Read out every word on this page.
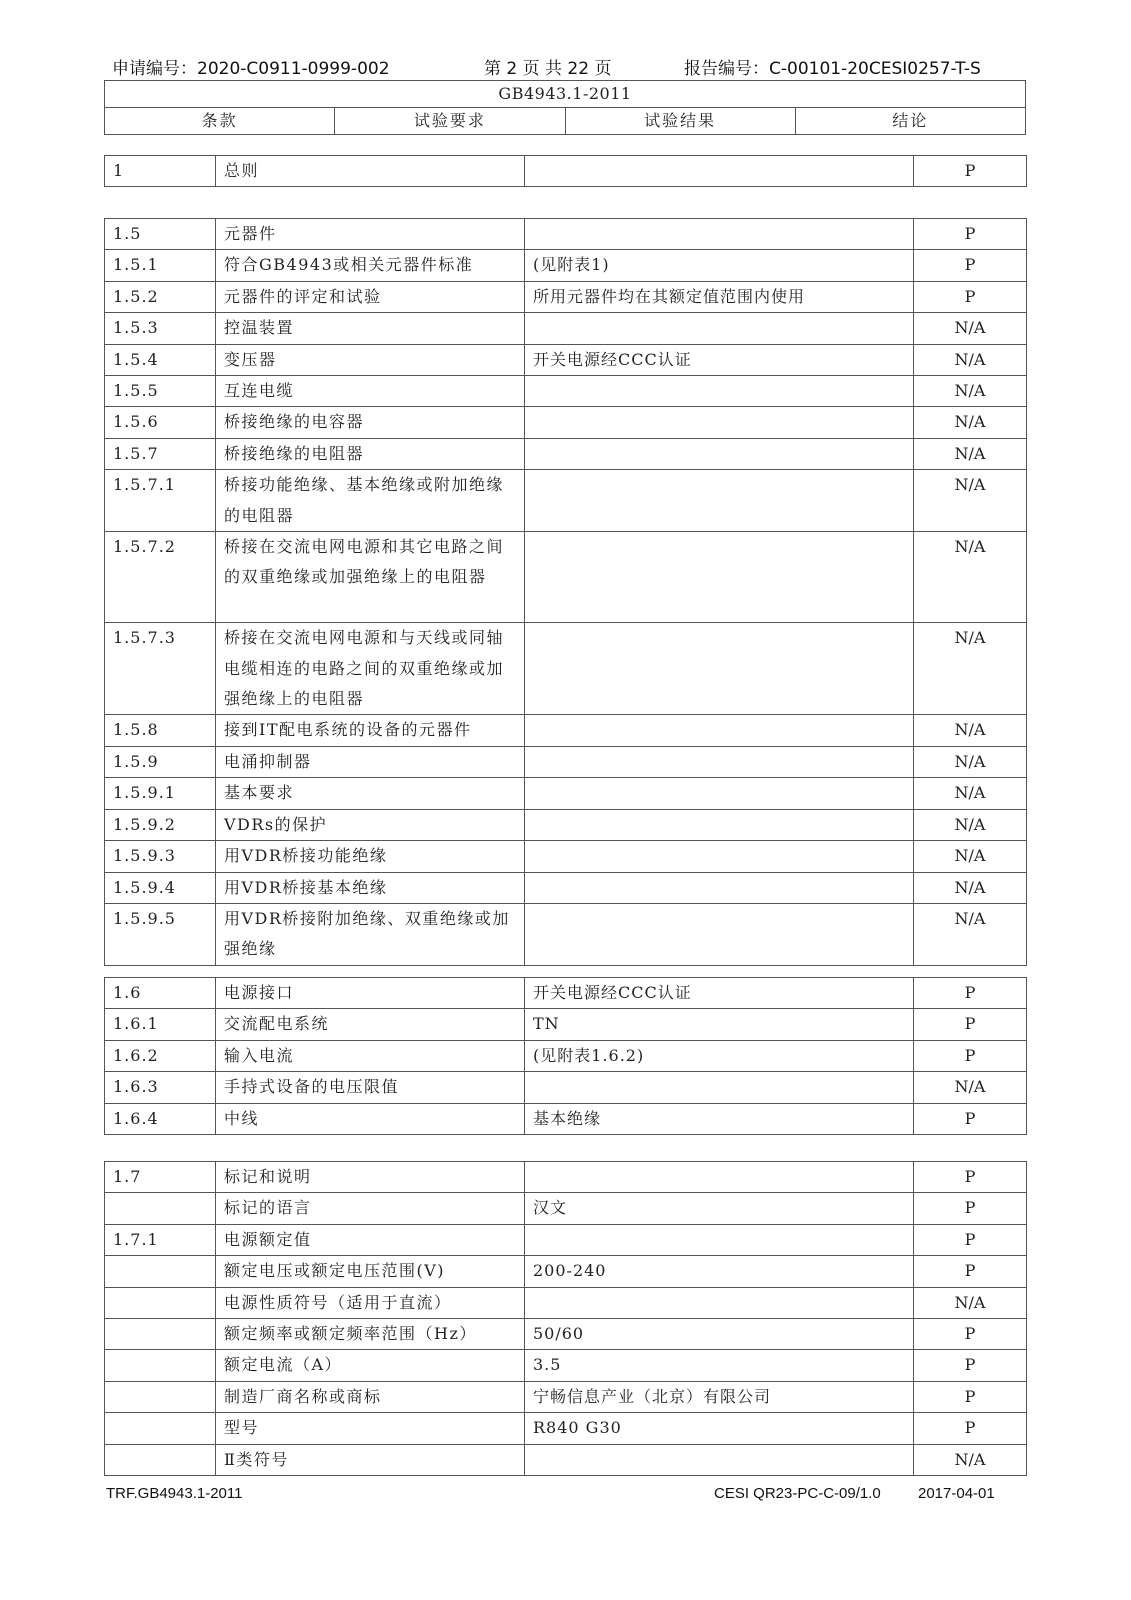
申请编号：2020-C0911-0999-002	第 2 页 共 22 页	报告编号：C-00101-20CESI0257-T-S
GB4943.1-2011
条款	试验要求	试验结果	结论
1	总则		P
1.5	元器件		P
1.5.1	符合GB4943或相关元器件标准	(见附表1)	P
1.5.2	元器件的评定和试验	所用元器件均在其额定值范围内使用	P
1.5.3	控温装置		N/A
1.5.4	变压器	开关电源经CCC认证	N/A
1.5.5	互连电缆		N/A
1.5.6	桥接绝缘的电容器		N/A
1.5.7	桥接绝缘的电阻器		N/A
1.5.7.1	桥接功能绝缘、基本绝缘或附加绝缘的电阻器		N/A
1.5.7.2	桥接在交流电网电源和其它电路之间的双重绝缘或加强绝缘上的电阻器		N/A
1.5.7.3	桥接在交流电网电源和与天线或同轴电缆相连的电路之间的双重绝缘或加强绝缘上的电阻器		N/A
1.5.8	接到IT配电系统的设备的元器件		N/A
1.5.9	电涌抑制器		N/A
1.5.9.1	基本要求		N/A
1.5.9.2	VDRs的保护		N/A
1.5.9.3	用VDR桥接功能绝缘		N/A
1.5.9.4	用VDR桥接基本绝缘		N/A
1.5.9.5	用VDR桥接附加绝缘、双重绝缘或加强绝缘		N/A
1.6	电源接口	开关电源经CCC认证	P
1.6.1	交流配电系统	TN	P
1.6.2	输入电流	(见附表1.6.2)	P
1.6.3	手持式设备的电压限值		N/A
1.6.4	中线	基本绝缘	P
1.7	标记和说明		P
	标记的语言	汉文	P
1.7.1	电源额定值		P
	额定电压或额定电压范围(V)	200-240	P
	电源性质符号（适用于直流）		N/A
	额定频率或额定频率范围（Hz）	50/60	P
	额定电流（A）	3.5	P
	制造厂商名称或商标	宁畅信息产业（北京）有限公司	P
	型号	R840 G30	P
	Ⅱ类符号		N/A
TRF.GB4943.1-2011	CESI QR23-PC-C-09/1.0 2017-04-01
